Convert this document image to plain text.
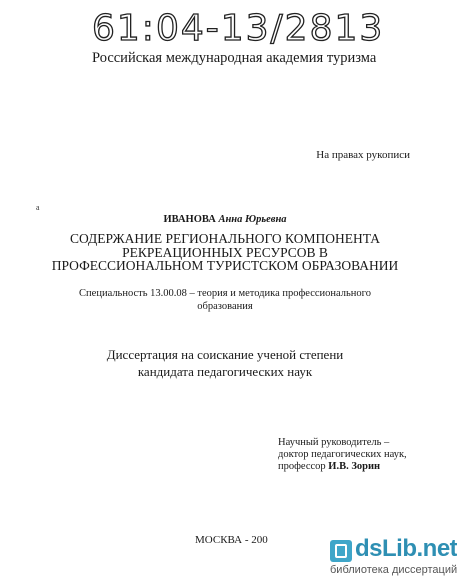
61:04-13/2813
Российская международная академия туризма
а
На правах рукописи
ИВАНОВА Анна Юрьевна
СОДЕРЖАНИЕ РЕГИОНАЛЬНОГО КОМПОНЕНТА
РЕКРЕАЦИОННЫХ РЕСУРСОВ В
ПРОФЕССИОНАЛЬНОМ ТУРИСТСКОМ ОБРАЗОВАНИИ
Специальность 13.00.08 – теория и методика профессионального
образования
Диссертация на соискание ученой степени
кандидата педагогических наук
Научный руководитель –
доктор педагогических наук,
профессор И.В. Зорин
МОСКВА - 200	dsLib.net
библиотека диссертаций
